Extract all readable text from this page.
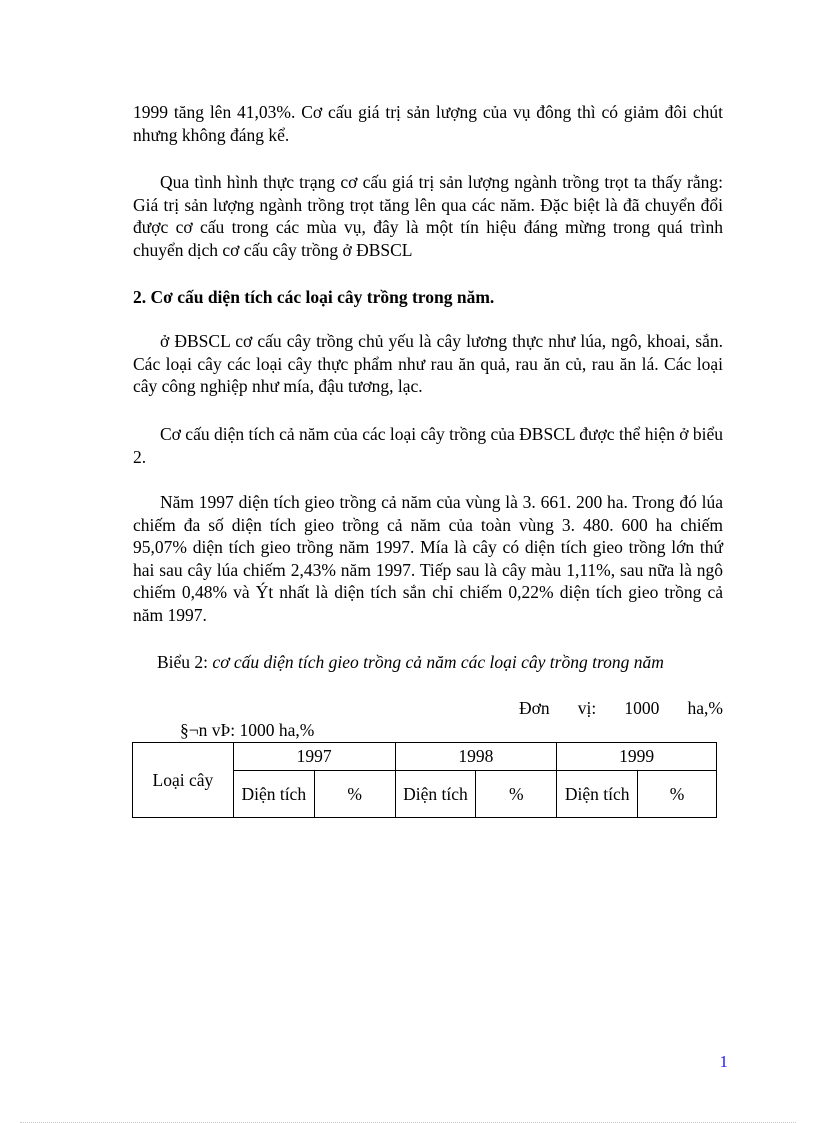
1999 tăng lên 41,03%. Cơ cấu giá trị sản lượng của vụ đông thì có giảm đôi chút nhưng không đáng kể.

Qua tình hình thực trạng cơ cấu giá trị sản lượng ngành trồng trọt ta thấy rằng: Giá trị sản lượng ngành trồng trọt tăng lên qua các năm. Đặc biệt là đã chuyển đổi được cơ cấu trong các mùa vụ, đây là một tín hiệu đáng mừng trong quá trình chuyển dịch cơ cấu cây trồng ở ĐBSCL

2. Cơ cấu diện tích các loại cây trồng trong năm.

ở ĐBSCL cơ cấu cây trồng chủ yếu là cây lương thực như lúa, ngô, khoai, sắn. Các loại cây các loại cây thực phẩm như rau ăn quả, rau ăn củ, rau ăn lá. Các loại cây công nghiệp như mía, đậu tương, lạc.

Cơ cấu diện tích cả năm của các loại cây trồng của ĐBSCL được thể hiện ở biểu 2.

Năm 1997 diện tích gieo trồng cả năm của vùng là 3. 661. 200 ha. Trong đó lúa chiếm đa số diện tích gieo trồng cả năm của toàn vùng 3. 480. 600 ha chiếm 95,07% diện tích gieo trồng năm 1997. Mía là cây có diện tích gieo trồng lớn thứ hai sau cây lúa chiếm 2,43% năm 1997. Tiếp sau là cây màu 1,11%, sau nữa là ngô chiếm 0,48% và Ýt nhất là diện tích sắn chỉ chiếm 0,22% diện tích gieo trồng cả năm 1997.

Biểu 2: cơ cấu diện tích gieo trồng cả năm các loại cây trồng trong năm

Đơn vị: 1000 ha,%

§¬n vÞ: 1000 ha,%

Loại cây	1997		1998		1999	
	Diện tích	%	Diện tích	%	Diện tích	%

1
